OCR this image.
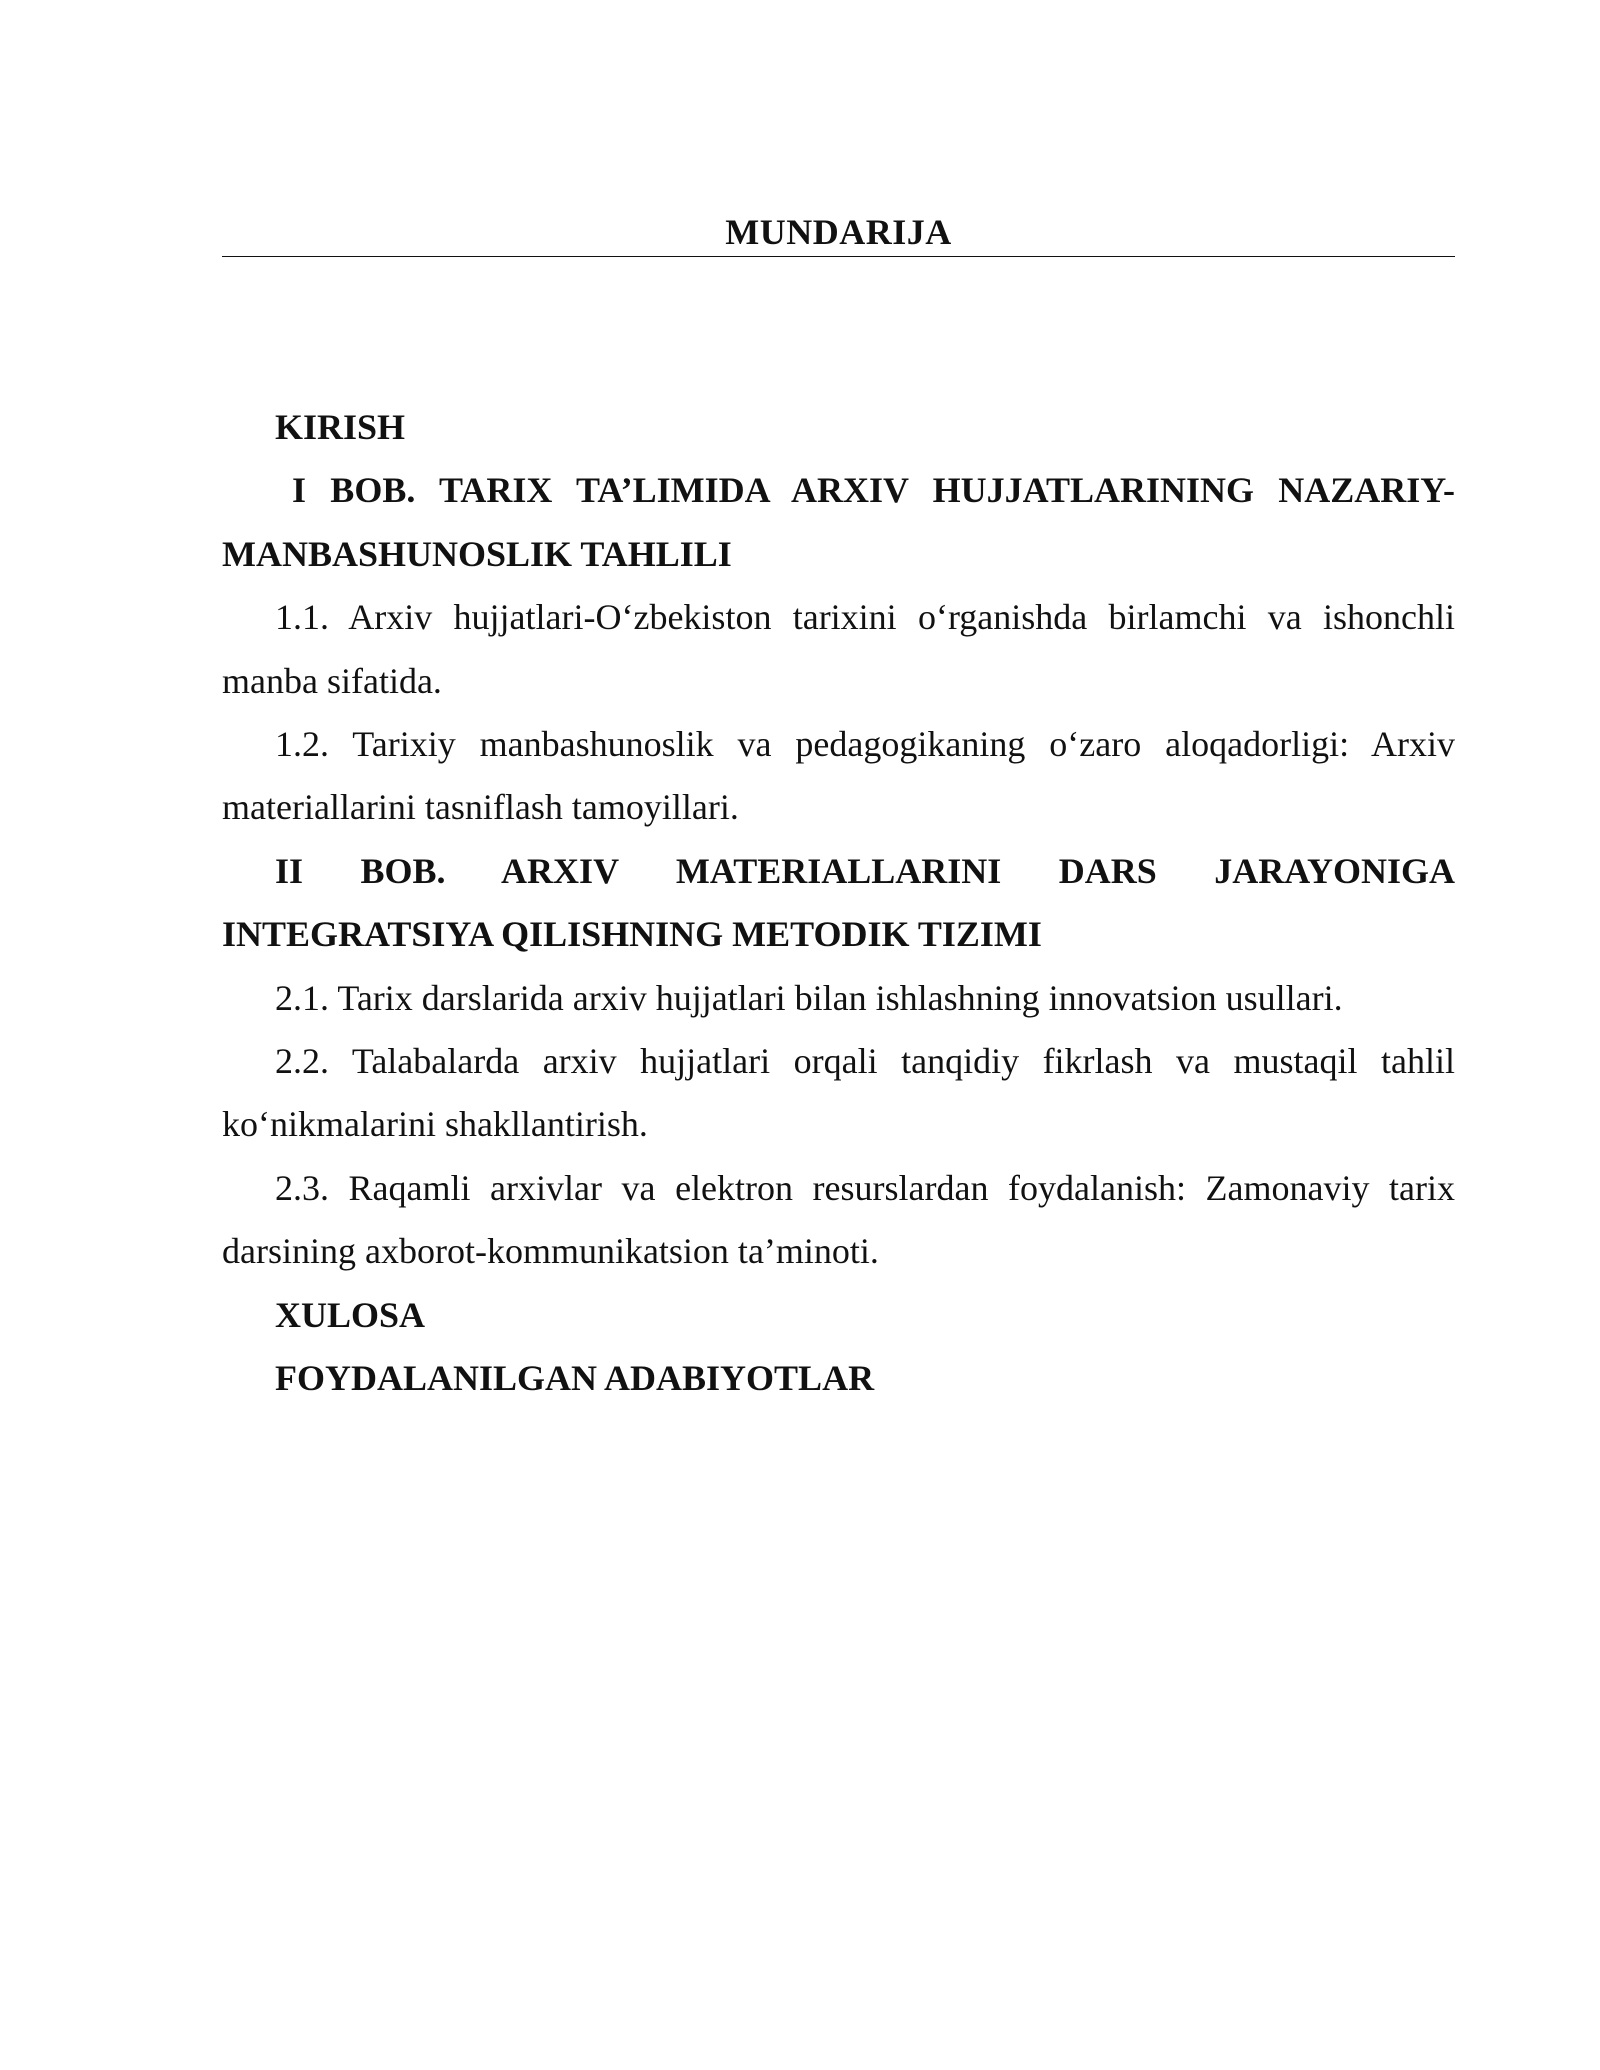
MUNDARIJA

KIRISH

I BOB. TARIX TA’LIMIDA ARXIV HUJJATLARINING NAZARIY-MANBASHUNOSLIK TAHLILI

1.1. Arxiv hujjatlari-O‘zbekiston tarixini o‘rganishda birlamchi va ishonchli manba sifatida.

1.2. Tarixiy manbashunoslik va pedagogikaning o‘zaro aloqadorligi: Arxiv materiallarini tasniflash tamoyillari.

II BOB. ARXIV MATERIALLARINI DARS JARAYONIGA INTEGRATSIYA QILISHNING METODIK TIZIMI

2.1. Tarix darslarida arxiv hujjatlari bilan ishlashning innovatsion usullari.

2.2. Talabalarda arxiv hujjatlari orqali tanqidiy fikrlash va mustaqil tahlil ko‘nikmalarini shakllantirish.

2.3. Raqamli arxivlar va elektron resurslardan foydalanish: Zamonaviy tarix darsining axborot-kommunikatsion ta’minoti.

XULOSA

FOYDALANILGAN ADABIYOTLAR
